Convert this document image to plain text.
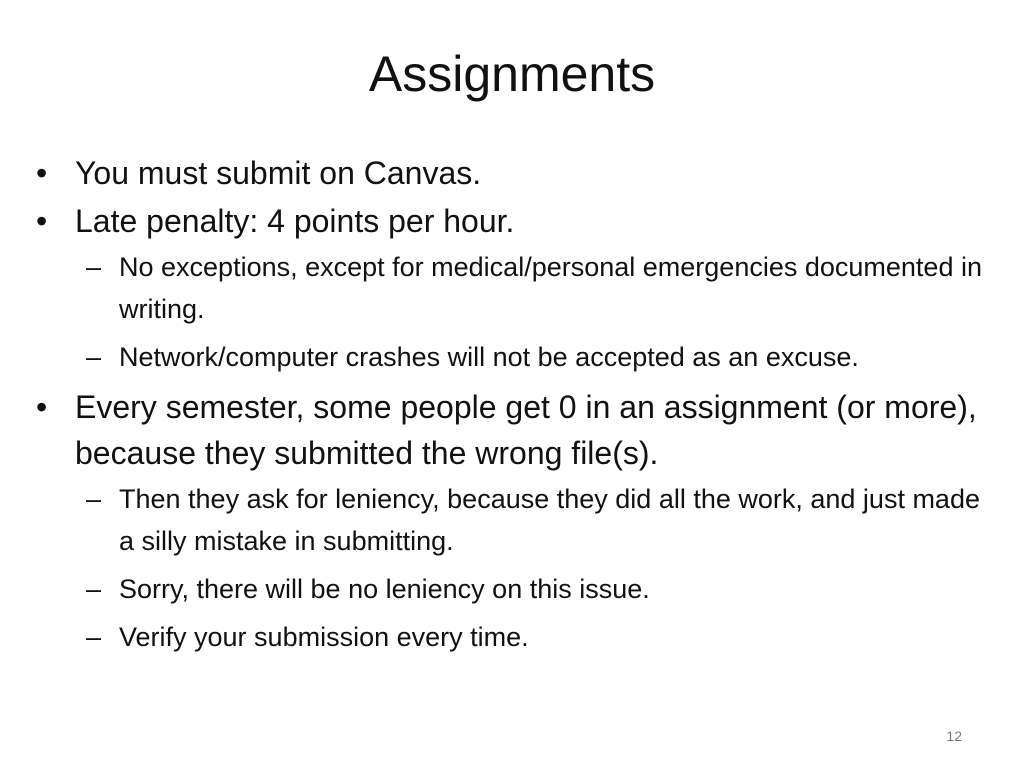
Assignments
• You must submit on Canvas.
• Late penalty: 4 points per hour.
– No exceptions, except for medical/personal emergencies documented in writing.
– Network/computer crashes will not be accepted as an excuse.
• Every semester, some people get 0 in an assignment (or more), because they submitted the wrong file(s).
– Then they ask for leniency, because they did all the work, and just made a silly mistake in submitting.
– Sorry, there will be no leniency on this issue.
– Verify your submission every time.
12
